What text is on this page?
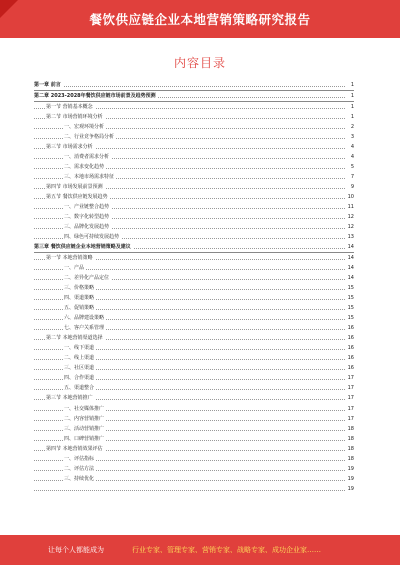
餐饮供应链企业本地营销策略研究报告
内容目录
第一章 前言	1
第二章 2023-2028年餐饮供应链市场前景及趋势预测	1
第一节 营销基本概念	1
第二节 市场营销环境分析	1
一、宏观环境分析	2
二、行业竞争格局分析	3
第三节 市场需求分析	4
一、消费者需求分析	4
二、需求变化趋势	5
三、本地市场需求特征	7
第四节 市场发展前景预测	9
第五节 餐饮供应链发展趋势	10
一、产业链整合趋势	11
二、数字化转型趋势	12
三、品牌化发展趋势	12
四、绿色可持续发展趋势	13
第三章 餐饮供应链企业本地营销策略及建议	14
第一节 本地营销策略	14
一、产品	14
二、差异化产品定位	14
三、价格策略	15
四、渠道策略	15
五、促销策略	15
六、品牌建设策略	15
七、客户关系管理	16
第二节 本地营销渠道选择	16
一、线下渠道	16
二、线上渠道	16
三、社区渠道	16
四、合作渠道	17
五、渠道整合	17
第三节 本地营销推广	17
一、社交媒体推广	17
二、内容营销推广	17
三、活动营销推广	18
四、口碑营销推广	18
第四节 本地营销效果评估	18
一、评估指标	18
二、评估方法	19
三、持续优化	19
19
让每个人都能成为	行业专家、管理专家、营销专家、战略专家、成功企业家……
